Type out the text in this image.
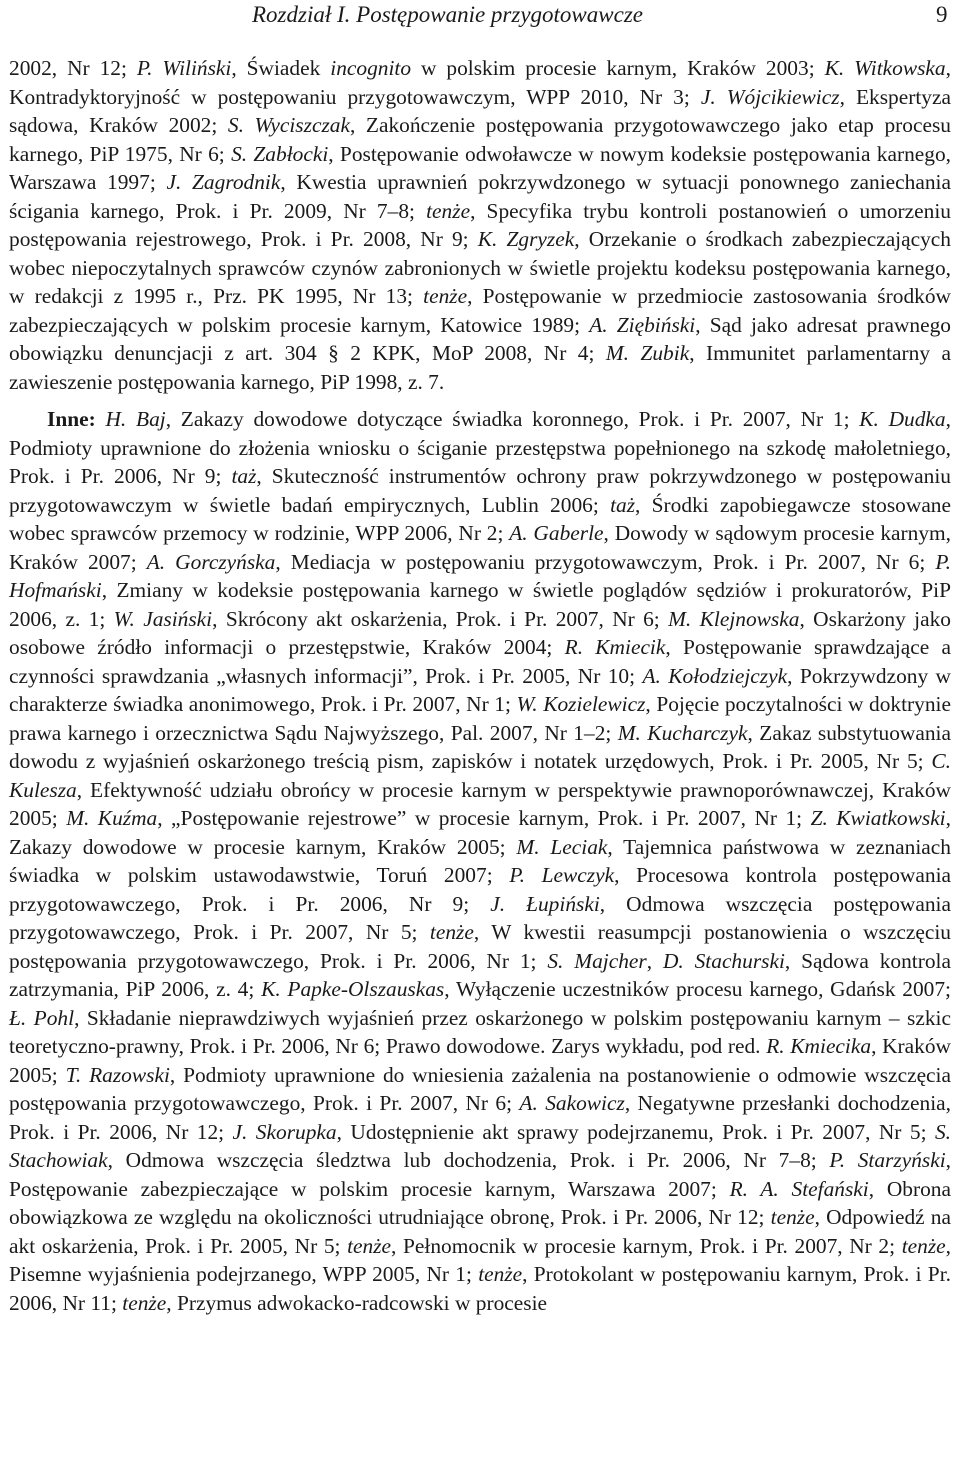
Rozdział I. Postępowanie przygotowawcze	9

2002, Nr 12; P. Wiliński, Świadek incognito w polskim procesie karnym, Kraków 2003; K. Witkowska, Kontradyktoryjność w postępowaniu przygotowawczym, WPP 2010, Nr 3; J. Wójcikiewicz, Ekspertyza sądowa, Kraków 2002; S. Wyciszczak, Zakończenie postępowania przygotowawczego jako etap procesu karnego, PiP 1975, Nr 6; S. Zabłocki, Postępowanie odwoławcze w nowym kodeksie postępowania karnego, Warszawa 1997; J. Zagrodnik, Kwestia uprawnień pokrzywdzonego w sytuacji ponownego zaniechania ścigania karnego, Prok. i Pr. 2009, Nr 7–8; tenże, Specyfika trybu kontroli postanowień o umorzeniu postępowania rejestrowego, Prok. i Pr. 2008, Nr 9; K. Zgryzek, Orzekanie o środkach zabezpieczających wobec niepoczytalnych sprawców czynów zabronionych w świetle projektu kodeksu postępowania karnego, w redakcji z 1995 r., Prz. PK 1995, Nr 13; tenże, Postępowanie w przedmiocie zastosowania środków zabezpieczających w polskim procesie karnym, Katowice 1989; A. Ziębiński, Sąd jako adresat prawnego obowiązku denuncjacji z art. 304 § 2 KPK, MoP 2008, Nr 4; M. Zubik, Immunitet parlamentarny a zawieszenie postępowania karnego, PiP 1998, z. 7.

Inne: H. Baj, Zakazy dowodowe dotyczące świadka koronnego, Prok. i Pr. 2007, Nr 1; K. Dudka, Podmioty uprawnione do złożenia wniosku o ściganie przestępstwa popełnionego na szkodę małoletniego, Prok. i Pr. 2006, Nr 9; taż, Skuteczność instrumentów ochrony praw pokrzywdzonego w postępowaniu przygotowawczym w świetle badań empirycznych, Lublin 2006; taż, Środki zapobiegawcze stosowane wobec sprawców przemocy w rodzinie, WPP 2006, Nr 2; A. Gaberle, Dowody w sądowym procesie karnym, Kraków 2007; A. Gorczyńska, Mediacja w postępowaniu przygotowawczym, Prok. i Pr. 2007, Nr 6; P. Hofmański, Zmiany w kodeksie postępowania karnego w świetle poglądów sędziów i prokuratorów, PiP 2006, z. 1; W. Jasiński, Skrócony akt oskarżenia, Prok. i Pr. 2007, Nr 6; M. Klejnowska, Oskarżony jako osobowe źródło informacji o przestępstwie, Kraków 2004; R. Kmiecik, Postępowanie sprawdzające a czynności sprawdzania „własnych informacji”, Prok. i Pr. 2005, Nr 10; A. Kołodziejczyk, Pokrzywdzony w charakterze świadka anonimowego, Prok. i Pr. 2007, Nr 1; W. Kozielewicz, Pojęcie poczytalności w doktrynie prawa karnego i orzecznictwa Sądu Najwyższego, Pal. 2007, Nr 1–2; M. Kucharczyk, Zakaz substytuowania dowodu z wyjaśnień oskarżonego treścią pism, zapisków i notatek urzędowych, Prok. i Pr. 2005, Nr 5; C. Kulesza, Efektywność udziału obrońcy w procesie karnym w perspektywie prawnoporównawczej, Kraków 2005; M. Kuźma, „Postępowanie rejestrowe” w procesie karnym, Prok. i Pr. 2007, Nr 1; Z. Kwiatkowski, Zakazy dowodowe w procesie karnym, Kraków 2005; M. Leciak, Tajemnica państwowa w zeznaniach świadka w polskim ustawodawstwie, Toruń 2007; P. Lewczyk, Procesowa kontrola postępowania przygotowawczego, Prok. i Pr. 2006, Nr 9; J. Łupiński, Odmowa wszczęcia postępowania przygotowawczego, Prok. i Pr. 2007, Nr 5; tenże, W kwestii reasumpcji postanowienia o wszczęciu postępowania przygotowawczego, Prok. i Pr. 2006, Nr 1; S. Majcher, D. Stachurski, Sądowa kontrola zatrzymania, PiP 2006, z. 4; K. Papke-Olszauskas, Wyłączenie uczestników procesu karnego, Gdańsk 2007; Ł. Pohl, Składanie nieprawdziwych wyjaśnień przez oskarżonego w polskim postępowaniu karnym – szkic teoretyczno-prawny, Prok. i Pr. 2006, Nr 6; Prawo dowodowe. Zarys wykładu, pod red. R. Kmiecika, Kraków 2005; T. Razowski, Podmioty uprawnione do wniesienia zażalenia na postanowienie o odmowie wszczęcia postępowania przygotowawczego, Prok. i Pr. 2007, Nr 6; A. Sakowicz, Negatywne przesłanki dochodzenia, Prok. i Pr. 2006, Nr 12; J. Skorupka, Udostępnienie akt sprawy podejrzanemu, Prok. i Pr. 2007, Nr 5; S. Stachowiak, Odmowa wszczęcia śledztwa lub dochodzenia, Prok. i Pr. 2006, Nr 7–8; P. Starzyński, Postępowanie zabezpieczające w polskim procesie karnym, Warszawa 2007; R. A. Stefański, Obrona obowiązkowa ze względu na okoliczności utrudniające obronę, Prok. i Pr. 2006, Nr 12; tenże, Odpowiedź na akt oskarżenia, Prok. i Pr. 2005, Nr 5; tenże, Pełnomocnik w procesie karnym, Prok. i Pr. 2007, Nr 2; tenże, Pisemne wyjaśnienia podejrzanego, WPP 2005, Nr 1; tenże, Protokolant w postępowaniu karnym, Prok. i Pr. 2006, Nr 11; tenże, Przymus adwokacko-radcowski w procesie
